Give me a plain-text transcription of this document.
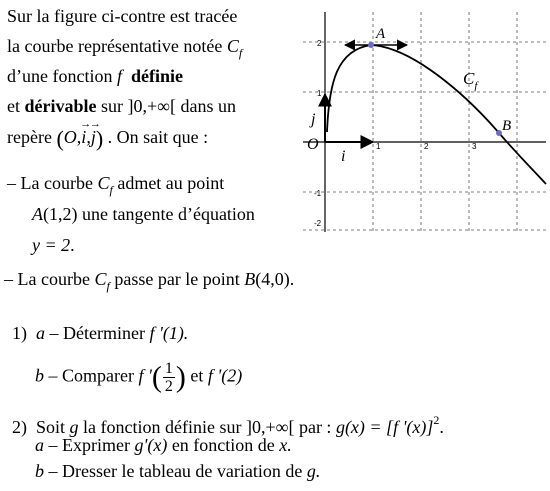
Sur la figure ci-contre est tracée
la courbe représentative notée $C_f$
d’une fonction f définie
et dérivable sur ]0,+∞[ dans un
repère (O,→ i,→ j) . On sait que :
– La courbe $C_f$ admet au point
A(1,2) une tangente d’équation
y = 2.
– La courbe $C_f$ passe par le point B(4,0).
1) a – Déterminer f '(1).
b – Comparer f '( $\frac{1}{2}$ ) et f '(2)
2) Soit g la fonction définie sur ]0,+∞[ par : g(x) = [f '(x)]$^2$.
a – Exprimer g'(x) en fonction de x.
b – Dresser le tableau de variation de g.
A
B
$C_f$
O
i
j
1	2	3
2
1
-1
-2
